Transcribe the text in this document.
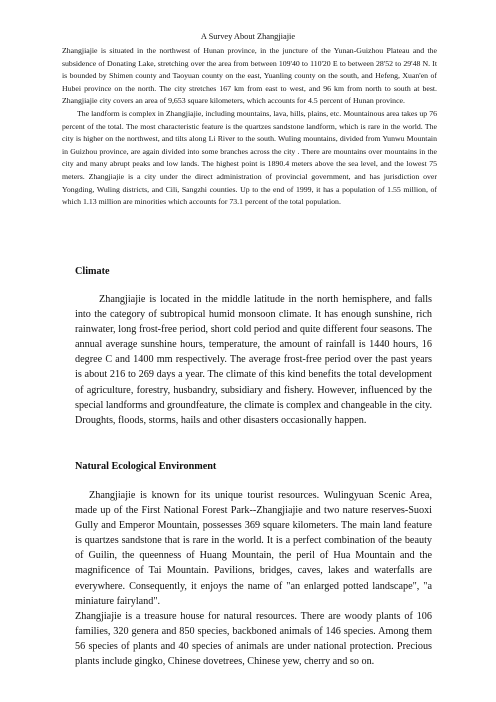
A Survey About Zhangjiajie

Zhangjiajie is situated in the northwest of Hunan province, in the juncture of the Yunan-Guizhou Plateau and the subsidence of Donating Lake, stretching over the area from between 109'40 to 110'20 E to between 28'52 to 29'48 N. It is bounded by Shimen county and Taoyuan county on the east, Yuanling county on the south, and Hefeng, Xuan'en of Hubei province on the north. The city stretches 167 km from east to west, and 96 km from north to south at best. Zhangjiajie city covers an area of 9,653 square kilometers, which accounts for 4.5 percent of Hunan province.

The landform is complex in Zhangjiajie, including mountains, lava, hills, plains, etc. Mountainous area takes up 76 percent of the total. The most characteristic feature is the quartzes sandstone landform, which is rare in the world. The city is higher on the northwest, and tilts along Li River to the south. Wuling mountains, divided from Yunwu Mountain in Guizhou province, are again divided into some branches across the city . There are mountains over mountains in the city and many abrupt peaks and low lands. The highest point is 1890.4 meters above the sea level, and the lowest 75 meters. Zhangjiajie is a city under the direct administration of provincial government, and has jurisdiction over Yongding, Wuling districts, and Cili, Sangzhi counties. Up to the end of 1999, it has a population of 1.55 million, of which 1.13 million are minorities which accounts for 73.1 percent of the total population.

Climate

Zhangjiajie is located in the middle latitude in the north hemisphere, and falls into the category of subtropical humid monsoon climate. It has enough sunshine, rich rainwater, long frost-free period, short cold period and quite different four seasons. The annual average sunshine hours, temperature, the amount of rainfall is 1440 hours, 16 degree C and 1400 mm respectively. The average frost-free period over the past years is about 216 to 269 days a year. The climate of this kind benefits the total development of agriculture, forestry, husbandry, subsidiary and fishery. However, influenced by the special landforms and groundfeature, the climate is complex and changeable in the city. Droughts, floods, storms, hails and other disasters occasionally happen.

Natural Ecological Environment

Zhangjiajie is known for its unique tourist resources. Wulingyuan Scenic Area, made up of the First National Forest Park--Zhangjiajie and two nature reserves-Suoxi Gully and Emperor Mountain, possesses 369 square kilometers. The main land feature is quartzes sandstone that is rare in the world. It is a perfect combination of the beauty of Guilin, the queenness of Huang Mountain, the peril of Hua Mountain and the magnificence of Tai Mountain. Pavilions, bridges, caves, lakes and waterfalls are everywhere. Consequently, it enjoys the name of "an enlarged potted landscape", "a miniature fairyland".

Zhangjiajie is a treasure house for natural resources. There are woody plants of 106 families, 320 genera and 850 species, backboned animals of 146 species. Among them 56 species of plants and 40 species of animals are under national protection. Precious plants include gingko, Chinese dovetrees, Chinese yew, cherry and so on.
